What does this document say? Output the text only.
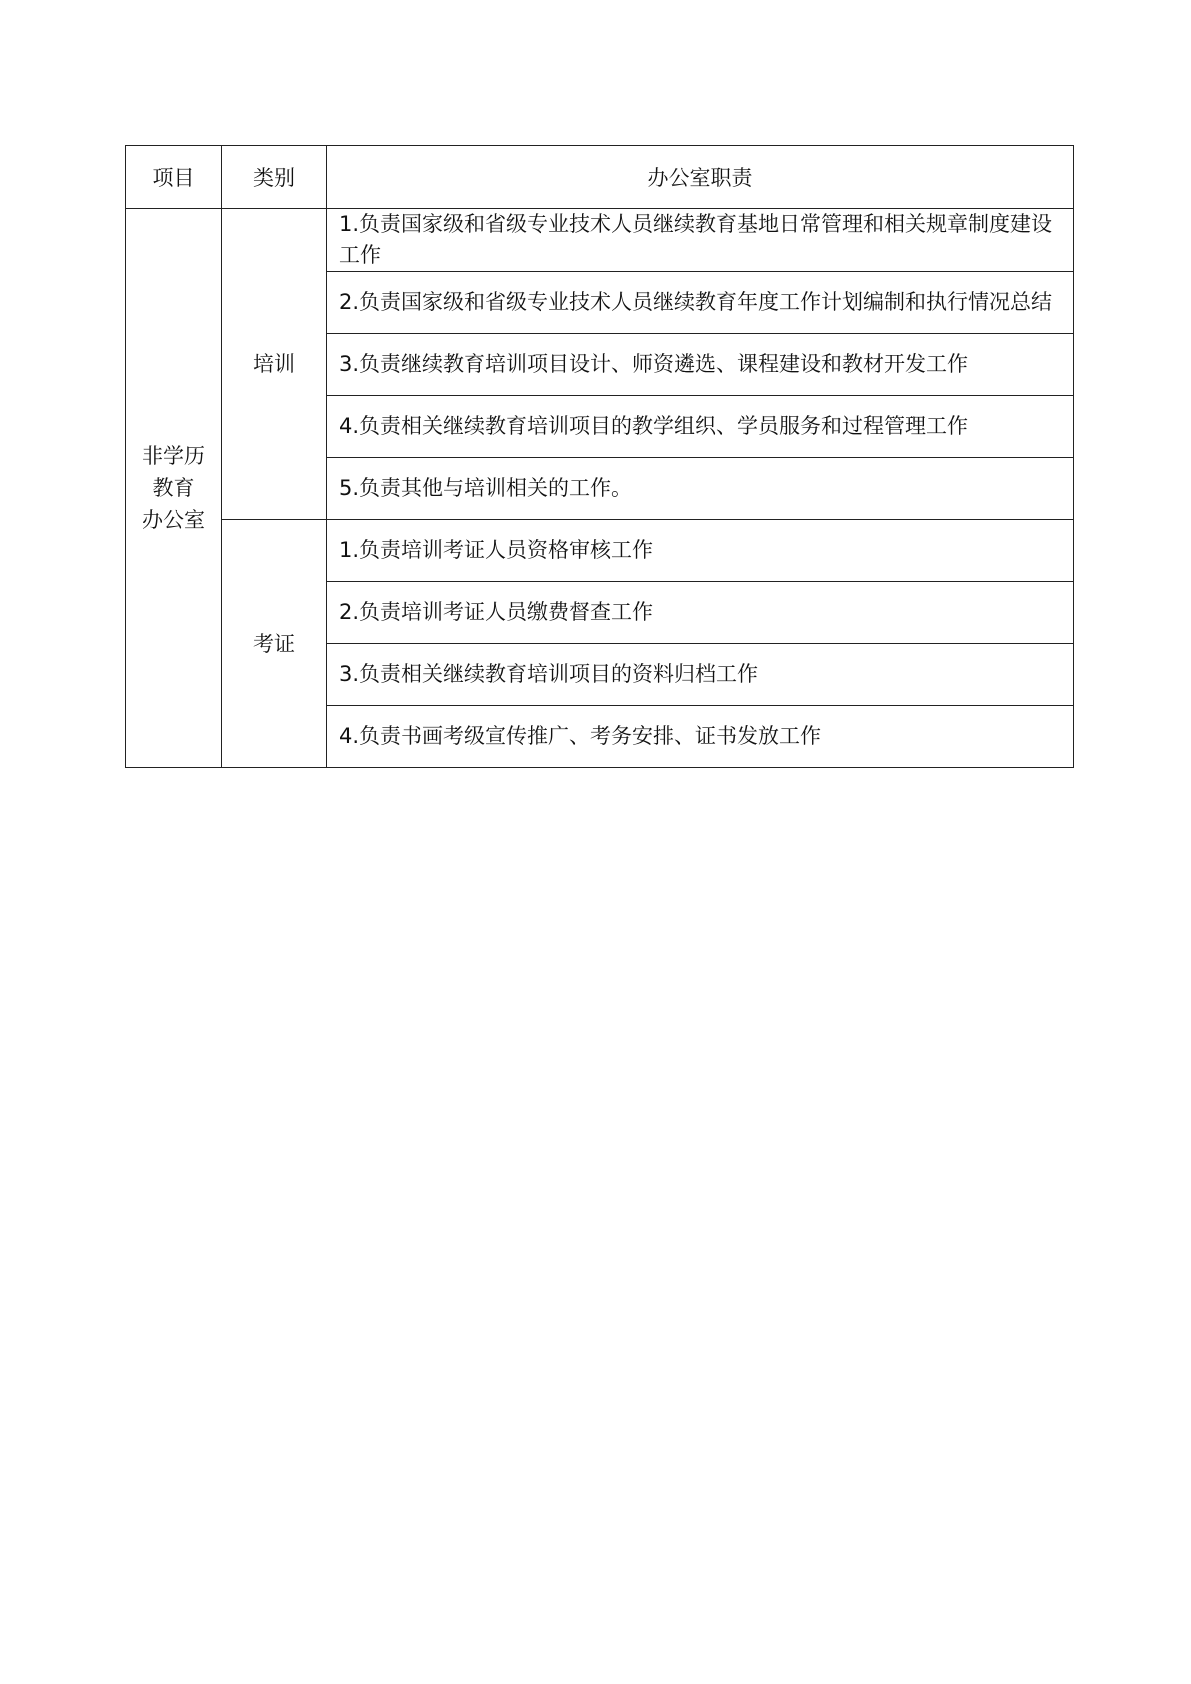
项目	类别	办公室职责

非学历
教育
办公室	培训	1.负责国家级和省级专业技术人员继续教育基地日常管理和相关规章制度建设工作
		2.负责国家级和省级专业技术人员继续教育年度工作计划编制和执行情况总结
		3.负责继续教育培训项目设计、师资遴选、课程建设和教材开发工作
		4.负责相关继续教育培训项目的教学组织、学员服务和过程管理工作
		5.负责其他与培训相关的工作。
	考证	1.负责培训考证人员资格审核工作
		2.负责培训考证人员缴费督查工作
		3.负责相关继续教育培训项目的资料归档工作
		4.负责书画考级宣传推广、考务安排、证书发放工作
